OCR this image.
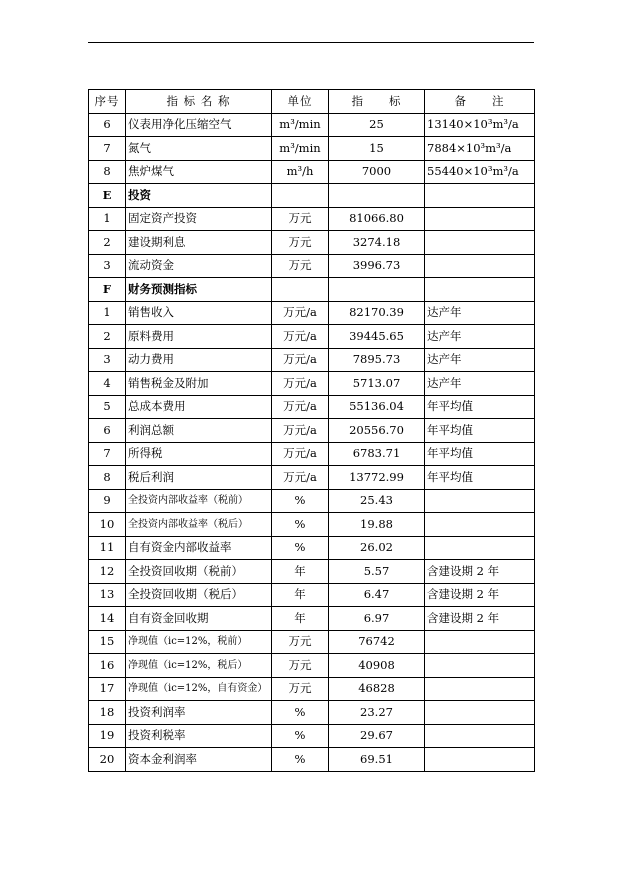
序号	指 标 名 称	单位	指　　标	备　　注
6	仪表用净化压缩空气	m³/min	25	13140×10³m³/a
7	氮气	m³/min	15	7884×10³m³/a
8	焦炉煤气	m³/h	7000	55440×10³m³/a
E	投资			
1	固定资产投资	万元	81066.80	
2	建设期利息	万元	3274.18	
3	流动资金	万元	3996.73	
F	财务预测指标			
1	销售收入	万元/a	82170.39	达产年
2	原料费用	万元/a	39445.65	达产年
3	动力费用	万元/a	7895.73	达产年
4	销售税金及附加	万元/a	5713.07	达产年
5	总成本费用	万元/a	55136.04	年平均值
6	利润总额	万元/a	20556.70	年平均值
7	所得税	万元/a	6783.71	年平均值
8	税后利润	万元/a	13772.99	年平均值
9	全投资内部收益率（税前）	%	25.43	
10	全投资内部收益率（税后）	%	19.88	
11	自有资金内部收益率	%	26.02	
12	全投资回收期（税前）	年	5.57	含建设期 2 年
13	全投资回收期（税后）	年	6.47	含建设期 2 年
14	自有资金回收期	年	6.97	含建设期 2 年
15	净现值（ic=12%，税前）	万元	76742	
16	净现值（ic=12%，税后）	万元	40908	
17	净现值（ic=12%，自有资金）	万元	46828	
18	投资利润率	%	23.27	
19	投资利税率	%	29.67	
20	资本金利润率	%	69.51	
